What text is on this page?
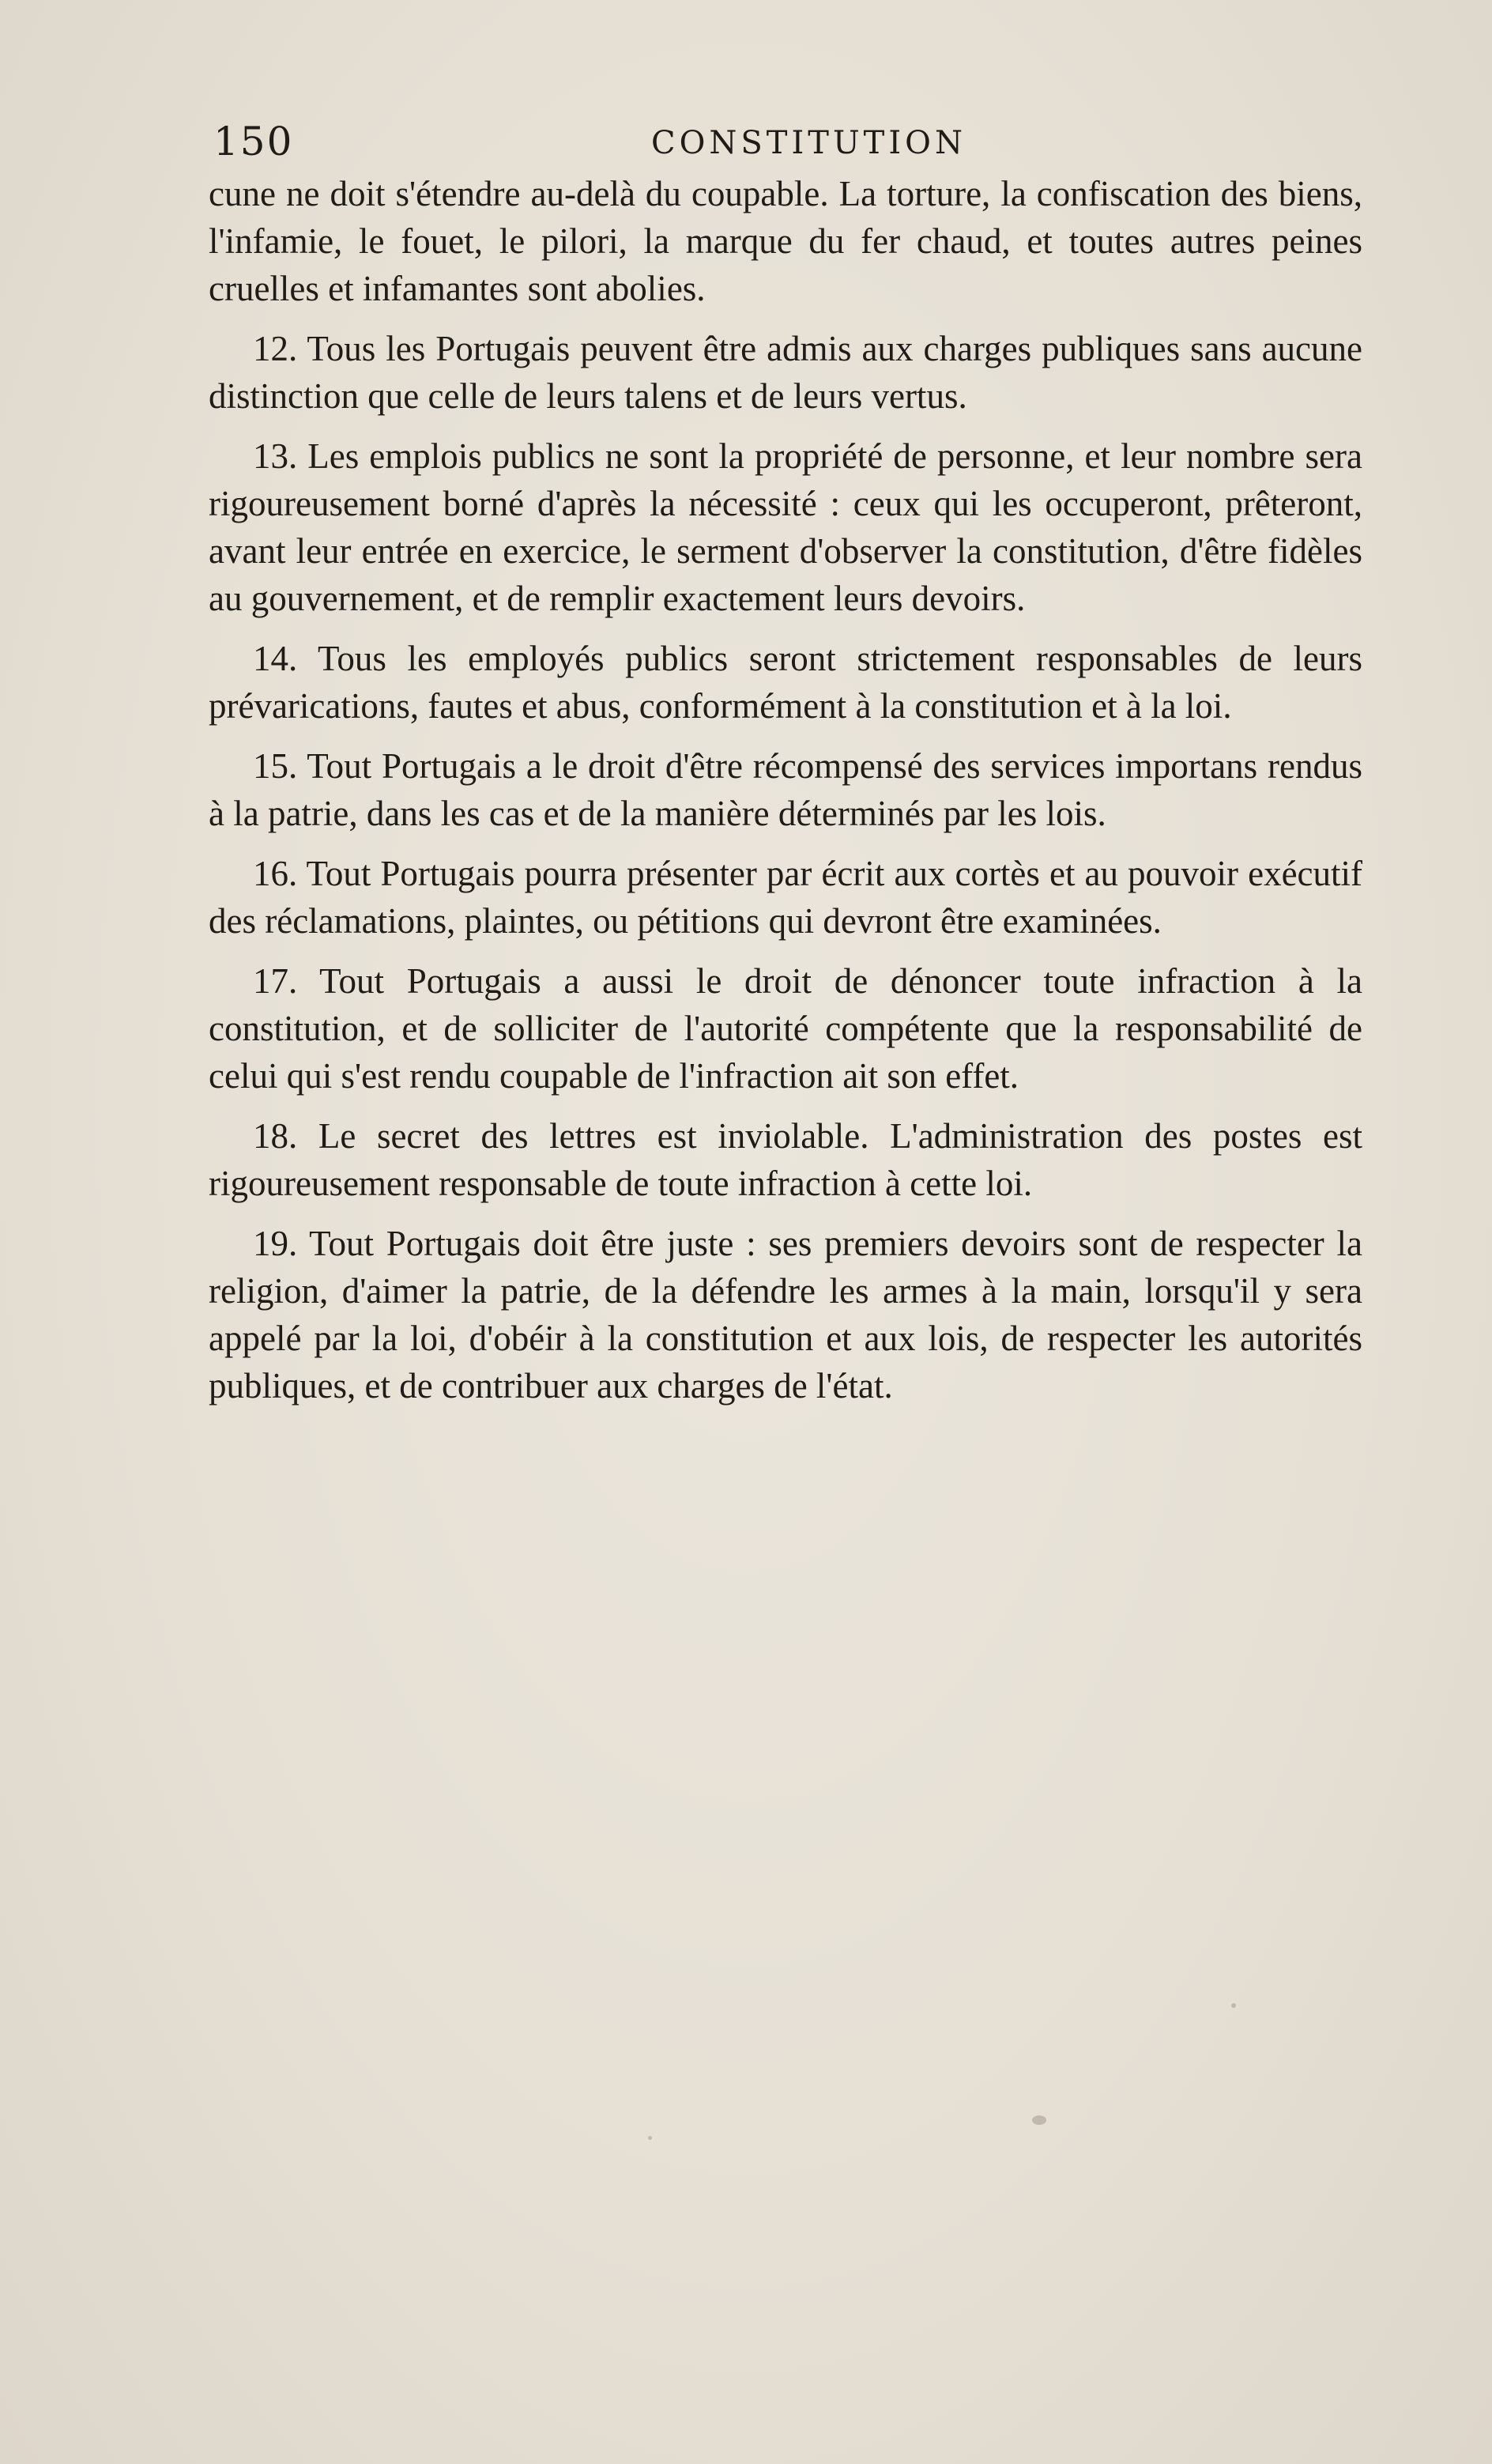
150	CONSTITUTION

cune ne doit s'étendre au-delà du coupable. La torture, la confiscation des biens, l'infamie, le fouet, le pilori, la marque du fer chaud, et toutes autres peines cruelles et infamantes sont abolies.

12. Tous les Portugais peuvent être admis aux charges publiques sans aucune distinction que celle de leurs talens et de leurs vertus.

13. Les emplois publics ne sont la propriété de personne, et leur nombre sera rigoureusement borné d'après la nécessité : ceux qui les occuperont, prêteront, avant leur entrée en exercice, le serment d'observer la constitution, d'être fidèles au gouvernement, et de remplir exactement leurs devoirs.

14. Tous les employés publics seront strictement responsables de leurs prévarications, fautes et abus, conformément à la constitution et à la loi.

15. Tout Portugais a le droit d'être récompensé des services importans rendus à la patrie, dans les cas et de la manière déterminés par les lois.

16. Tout Portugais pourra présenter par écrit aux cortès et au pouvoir exécutif des réclamations, plaintes, ou pétitions qui devront être examinées.

17. Tout Portugais a aussi le droit de dénoncer toute infraction à la constitution, et de solliciter de l'autorité compétente que la responsabilité de celui qui s'est rendu coupable de l'infraction ait son effet.

18. Le secret des lettres est inviolable. L'administration des postes est rigoureusement responsable de toute infraction à cette loi.

19. Tout Portugais doit être juste : ses premiers devoirs sont de respecter la religion, d'aimer la patrie, de la défendre les armes à la main, lorsqu'il y sera appelé par la loi, d'obéir à la constitution et aux lois, de respecter les autorités publiques, et de contribuer aux charges de l'état.
